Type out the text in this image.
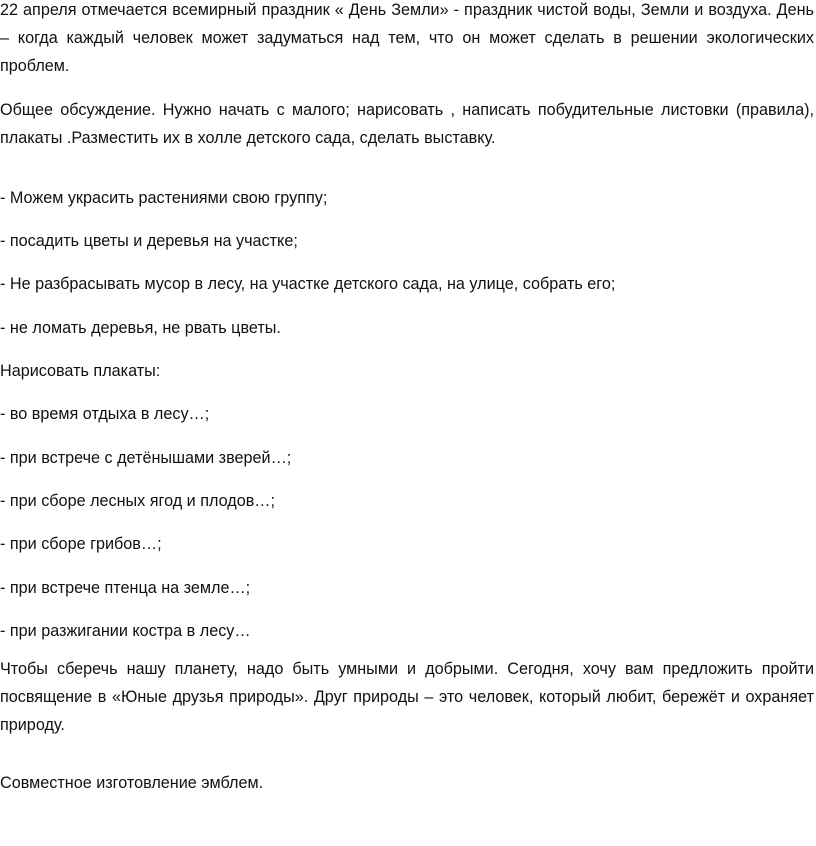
22 апреля отмечается всемирный праздник « День Земли» - праздник чистой воды, Земли и воздуха. День – когда каждый человек может задуматься над тем, что он может сделать в решении экологических проблем.

Общее обсуждение. Нужно начать с малого; нарисовать , написать побудительные листовки (правила), плакаты .Разместить их в холле детского сада, сделать выставку.

- Можем украсить растениями свою группу;

- посадить цветы и деревья на участке;

- Не разбрасывать мусор в лесу, на участке детского сада, на улице, собрать его;

- не ломать деревья, не рвать цветы.

Нарисовать плакаты:

- во время отдыха в лесу…;

- при встрече с детёнышами зверей…;

- при сборе лесных ягод и плодов…;

- при сборе грибов…;

- при встрече птенца на земле…;

- при разжигании костра в лесу…

Чтобы сберечь нашу планету, надо быть умными и добрыми. Сегодня, хочу вам предложить пройти посвящение в «Юные друзья природы». Друг природы – это человек, который любит, бережёт и охраняет природу.

Совместное изготовление эмблем.
